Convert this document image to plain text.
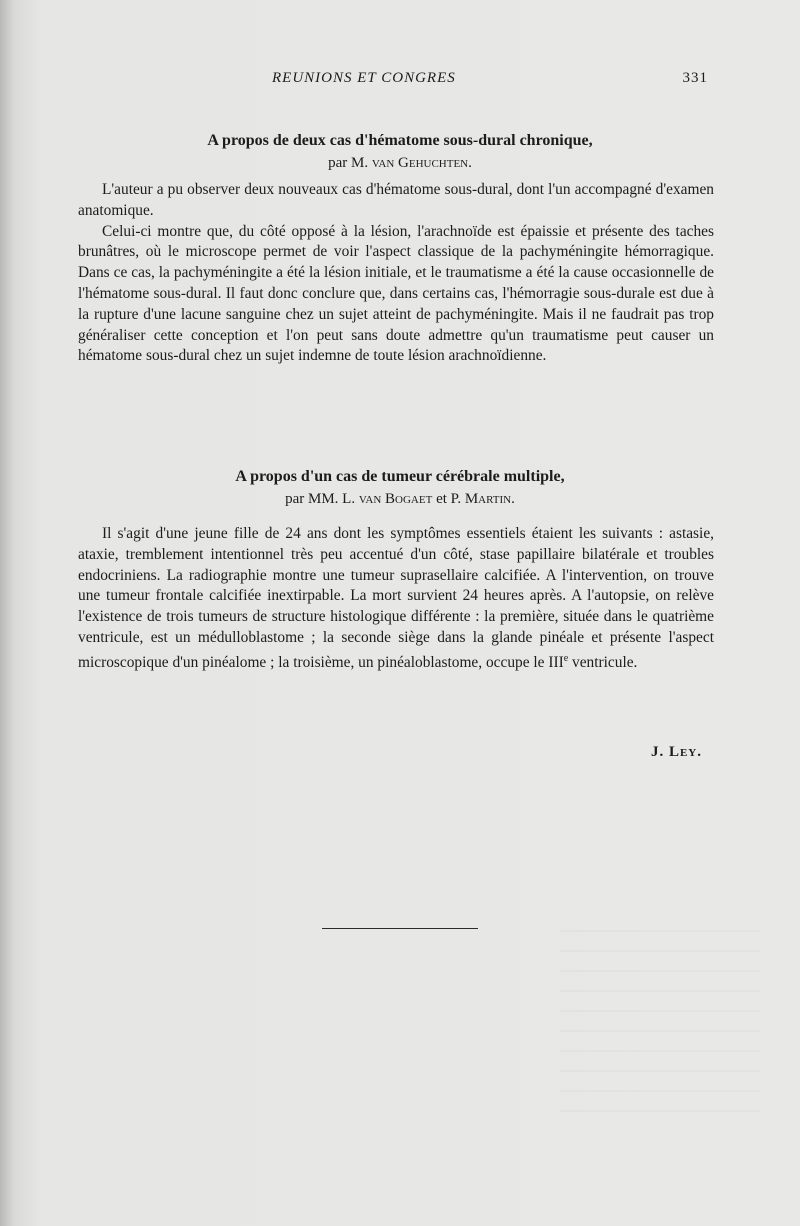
REUNIONS ET CONGRES	331
A propos de deux cas d'hématome sous-dural chronique,
par M. van Gehuchten.

L'auteur a pu observer deux nouveaux cas d'hématome sous-dural, dont l'un accompagné d'examen anatomique.

Celui-ci montre que, du côté opposé à la lésion, l'arachnoïde est épaissie et présente des taches brunâtres, où le microscope permet de voir l'aspect classique de la pachyméningite hémorragique. Dans ce cas, la pachyméningite a été la lésion initiale, et le traumatisme a été la cause occasionnelle de l'hématome sous-dural. Il faut donc conclure que, dans certains cas, l'hémorragie sous-durale est due à la rupture d'une lacune sanguine chez un sujet atteint de pachyméningite. Mais il ne faudrait pas trop généraliser cette conception et l'on peut sans doute admettre qu'un traumatisme peut causer un hématome sous-dural chez un sujet indemne de toute lésion arachnoïdienne.

A propos d'un cas de tumeur cérébrale multiple,
par MM. L. van Bogaet et P. Martin.

Il s'agit d'une jeune fille de 24 ans dont les symptômes essentiels étaient les suivants : astasie, ataxie, tremblement intentionnel très peu accentué d'un côté, stase papillaire bilatérale et troubles endocriniens. La radiographie montre une tumeur suprasellaire calcifiée. A l'intervention, on trouve une tumeur frontale calcifiée inextirpable. La mort survient 24 heures après. A l'autopsie, on relève l'existence de trois tumeurs de structure histologique différente : la première, située dans le quatrième ventricule, est un médulloblastome ; la seconde siège dans la glande pinéale et présente l'aspect microscopique d'un pinéalome ; la troisième, un pinéaloblastome, occupe le IIIe ventricule.

J. Ley.
